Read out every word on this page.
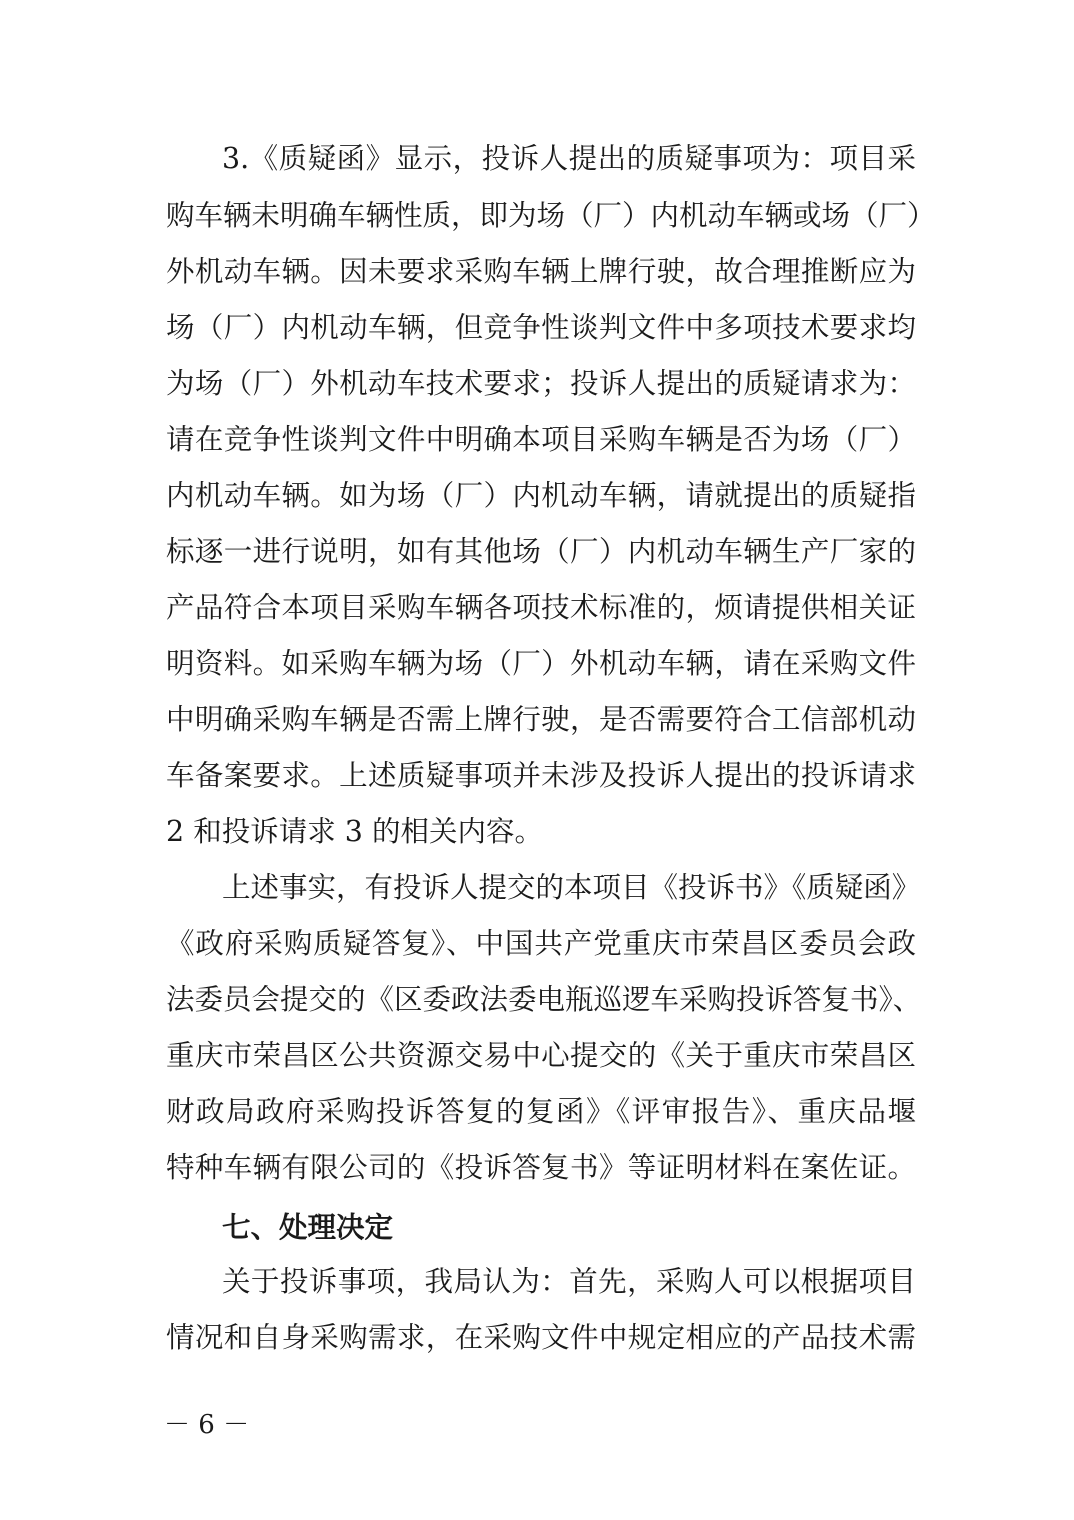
3.《质疑函》显示，投诉人提出的质疑事项为：项目采
购车辆未明确车辆性质，即为场（厂）内机动车辆或场（厂）
外机动车辆。因未要求采购车辆上牌行驶，故合理推断应为
场（厂）内机动车辆，但竞争性谈判文件中多项技术要求均
为场（厂）外机动车技术要求；投诉人提出的质疑请求为：
请在竞争性谈判文件中明确本项目采购车辆是否为场（厂）
内机动车辆。如为场（厂）内机动车辆，请就提出的质疑指
标逐一进行说明，如有其他场（厂）内机动车辆生产厂家的
产品符合本项目采购车辆各项技术标准的，烦请提供相关证
明资料。如采购车辆为场（厂）外机动车辆，请在采购文件
中明确采购车辆是否需上牌行驶，是否需要符合工信部机动
车备案要求。上述质疑事项并未涉及投诉人提出的投诉请求
2 和投诉请求 3 的相关内容。
上述事实，有投诉人提交的本项目《投诉书》《质疑函》
《政府采购质疑答复》、中国共产党重庆市荣昌区委员会政
法委员会提交的《区委政法委电瓶巡逻车采购投诉答复书》、
重庆市荣昌区公共资源交易中心提交的《关于重庆市荣昌区
财政局政府采购投诉答复的复函》《评审报告》、重庆品堰
特种车辆有限公司的《投诉答复书》等证明材料在案佐证。
七、处理决定
关于投诉事项，我局认为：首先，采购人可以根据项目
情况和自身采购需求，在采购文件中规定相应的产品技术需
－ 6 －
